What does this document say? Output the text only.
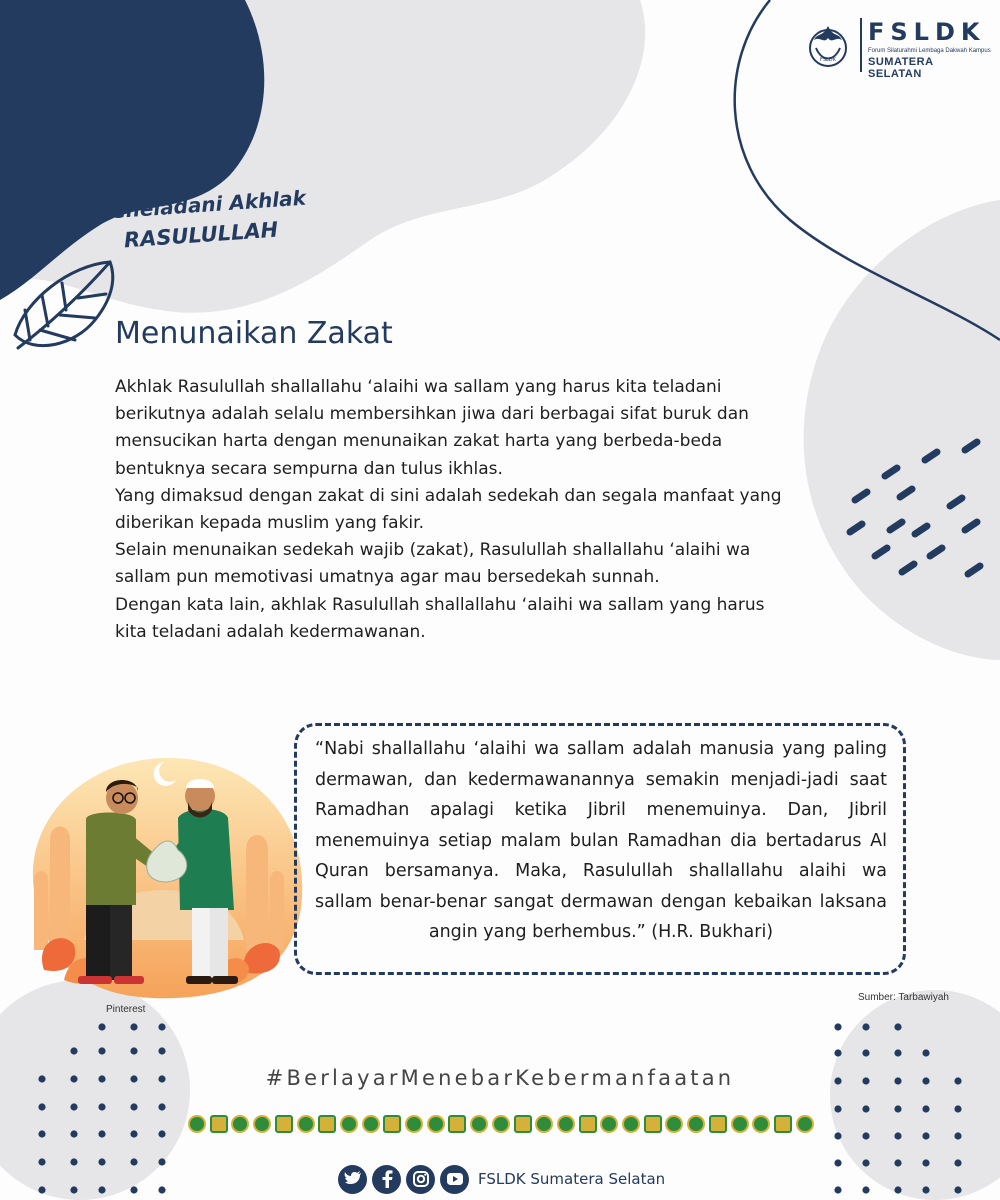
FSLDK
FSLDK
Forum Silaturahmi Lembaga Dakwah Kampus
SUMATERA SELATAN
Meneladani Akhlak
RASULULLAH
Menunaikan Zakat

Akhlak Rasulullah shallallahu ‘alaihi wa sallam yang harus kita teladani berikutnya adalah selalu membersihkan jiwa dari berbagai sifat buruk dan mensucikan harta dengan menunaikan zakat harta yang berbeda-beda bentuknya secara sempurna dan tulus ikhlas.

Yang dimaksud dengan zakat di sini adalah sedekah dan segala manfaat yang diberikan kepada muslim yang fakir.

Selain menunaikan sedekah wajib (zakat), Rasulullah shallallahu ‘alaihi wa sallam pun memotivasi umatnya agar mau bersedekah sunnah.

Dengan kata lain, akhlak Rasulullah shallallahu ‘alaihi wa sallam yang harus kita teladani adalah kedermawanan.

“Nabi shallallahu ‘alaihi wa sallam adalah manusia yang paling dermawan, dan kedermawanannya semakin menjadi-jadi saat Ramadhan apalagi ketika Jibril menemuinya. Dan, Jibril menemuinya setiap malam bulan Ramadhan dia bertadarus Al Quran bersamanya. Maka, Rasulullah shallallahu alaihi wa sallam benar-benar sangat dermawan dengan kebaikan laksana angin yang berhembus.” (H.R. Bukhari)
Pinterest
Sumber: Tarbawiyah
#BerlayarMenebarKebermanfaatan
FSLDK Sumatera Selatan
